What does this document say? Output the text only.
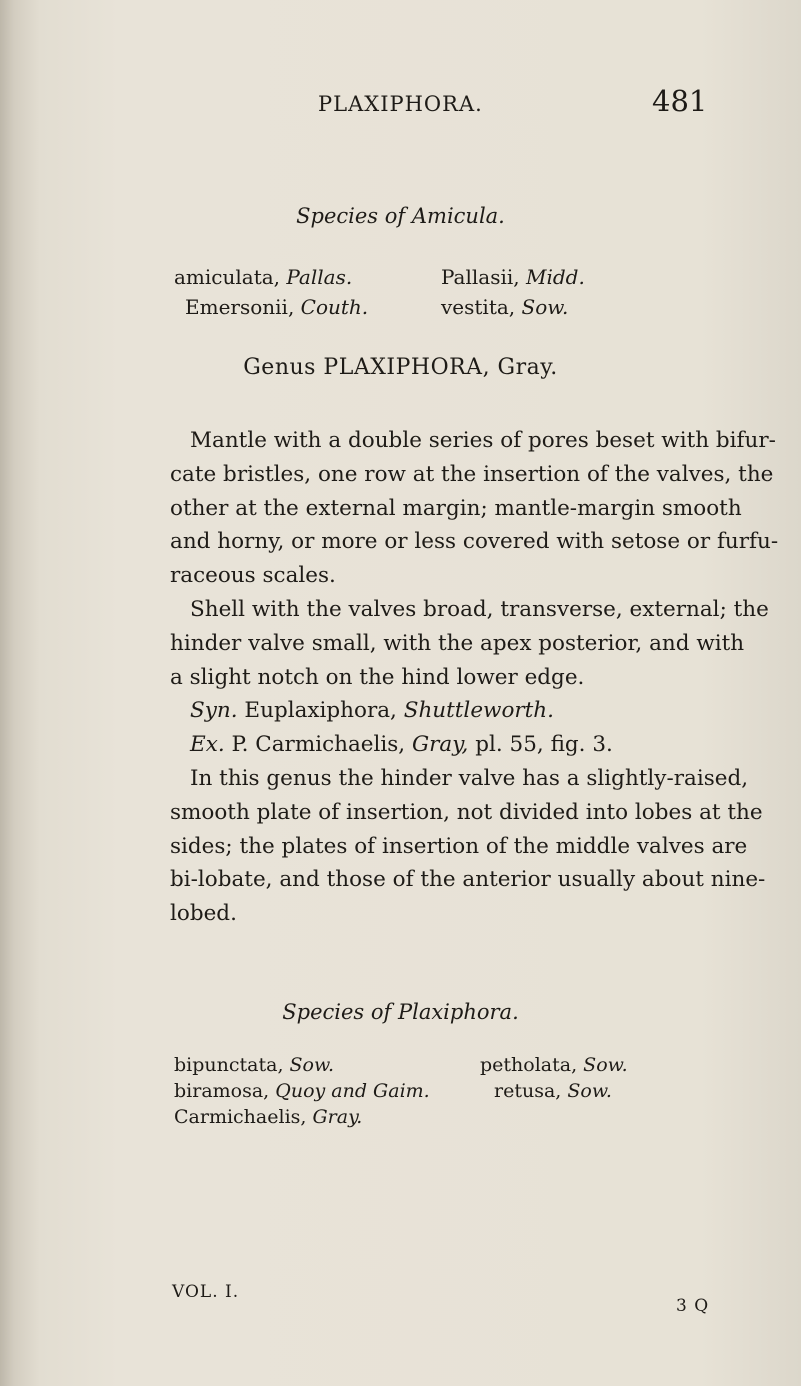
PLAXIPHORA.	481
Species of Amicula.
amiculata, Pallas.
Emersonii, Couth.
Pallasii, Midd.
vestita, Sow.
Genus PLAXIPHORA, Gray.
Mantle with a double series of pores beset with bifur-
cate bristles, one row at the insertion of the valves, the
other at the external margin; mantle-margin smooth
and horny, or more or less covered with setose or furfu-
raceous scales.
Shell with the valves broad, transverse, external; the
hinder valve small, with the apex posterior, and with
a slight notch on the hind lower edge.
Syn. Euplaxiphora, Shuttleworth.
Ex. P. Carmichaelis, Gray, pl. 55, fig. 3.
In this genus the hinder valve has a slightly-raised,
smooth plate of insertion, not divided into lobes at the
sides; the plates of insertion of the middle valves are
bi-lobate, and those of the anterior usually about nine-
lobed.
Species of Plaxiphora.
bipunctata, Sow.
biramosa, Quoy and Gaim.
Carmichaelis, Gray.
petholata, Sow.
retusa, Sow.
VOL. I.
3 Q
